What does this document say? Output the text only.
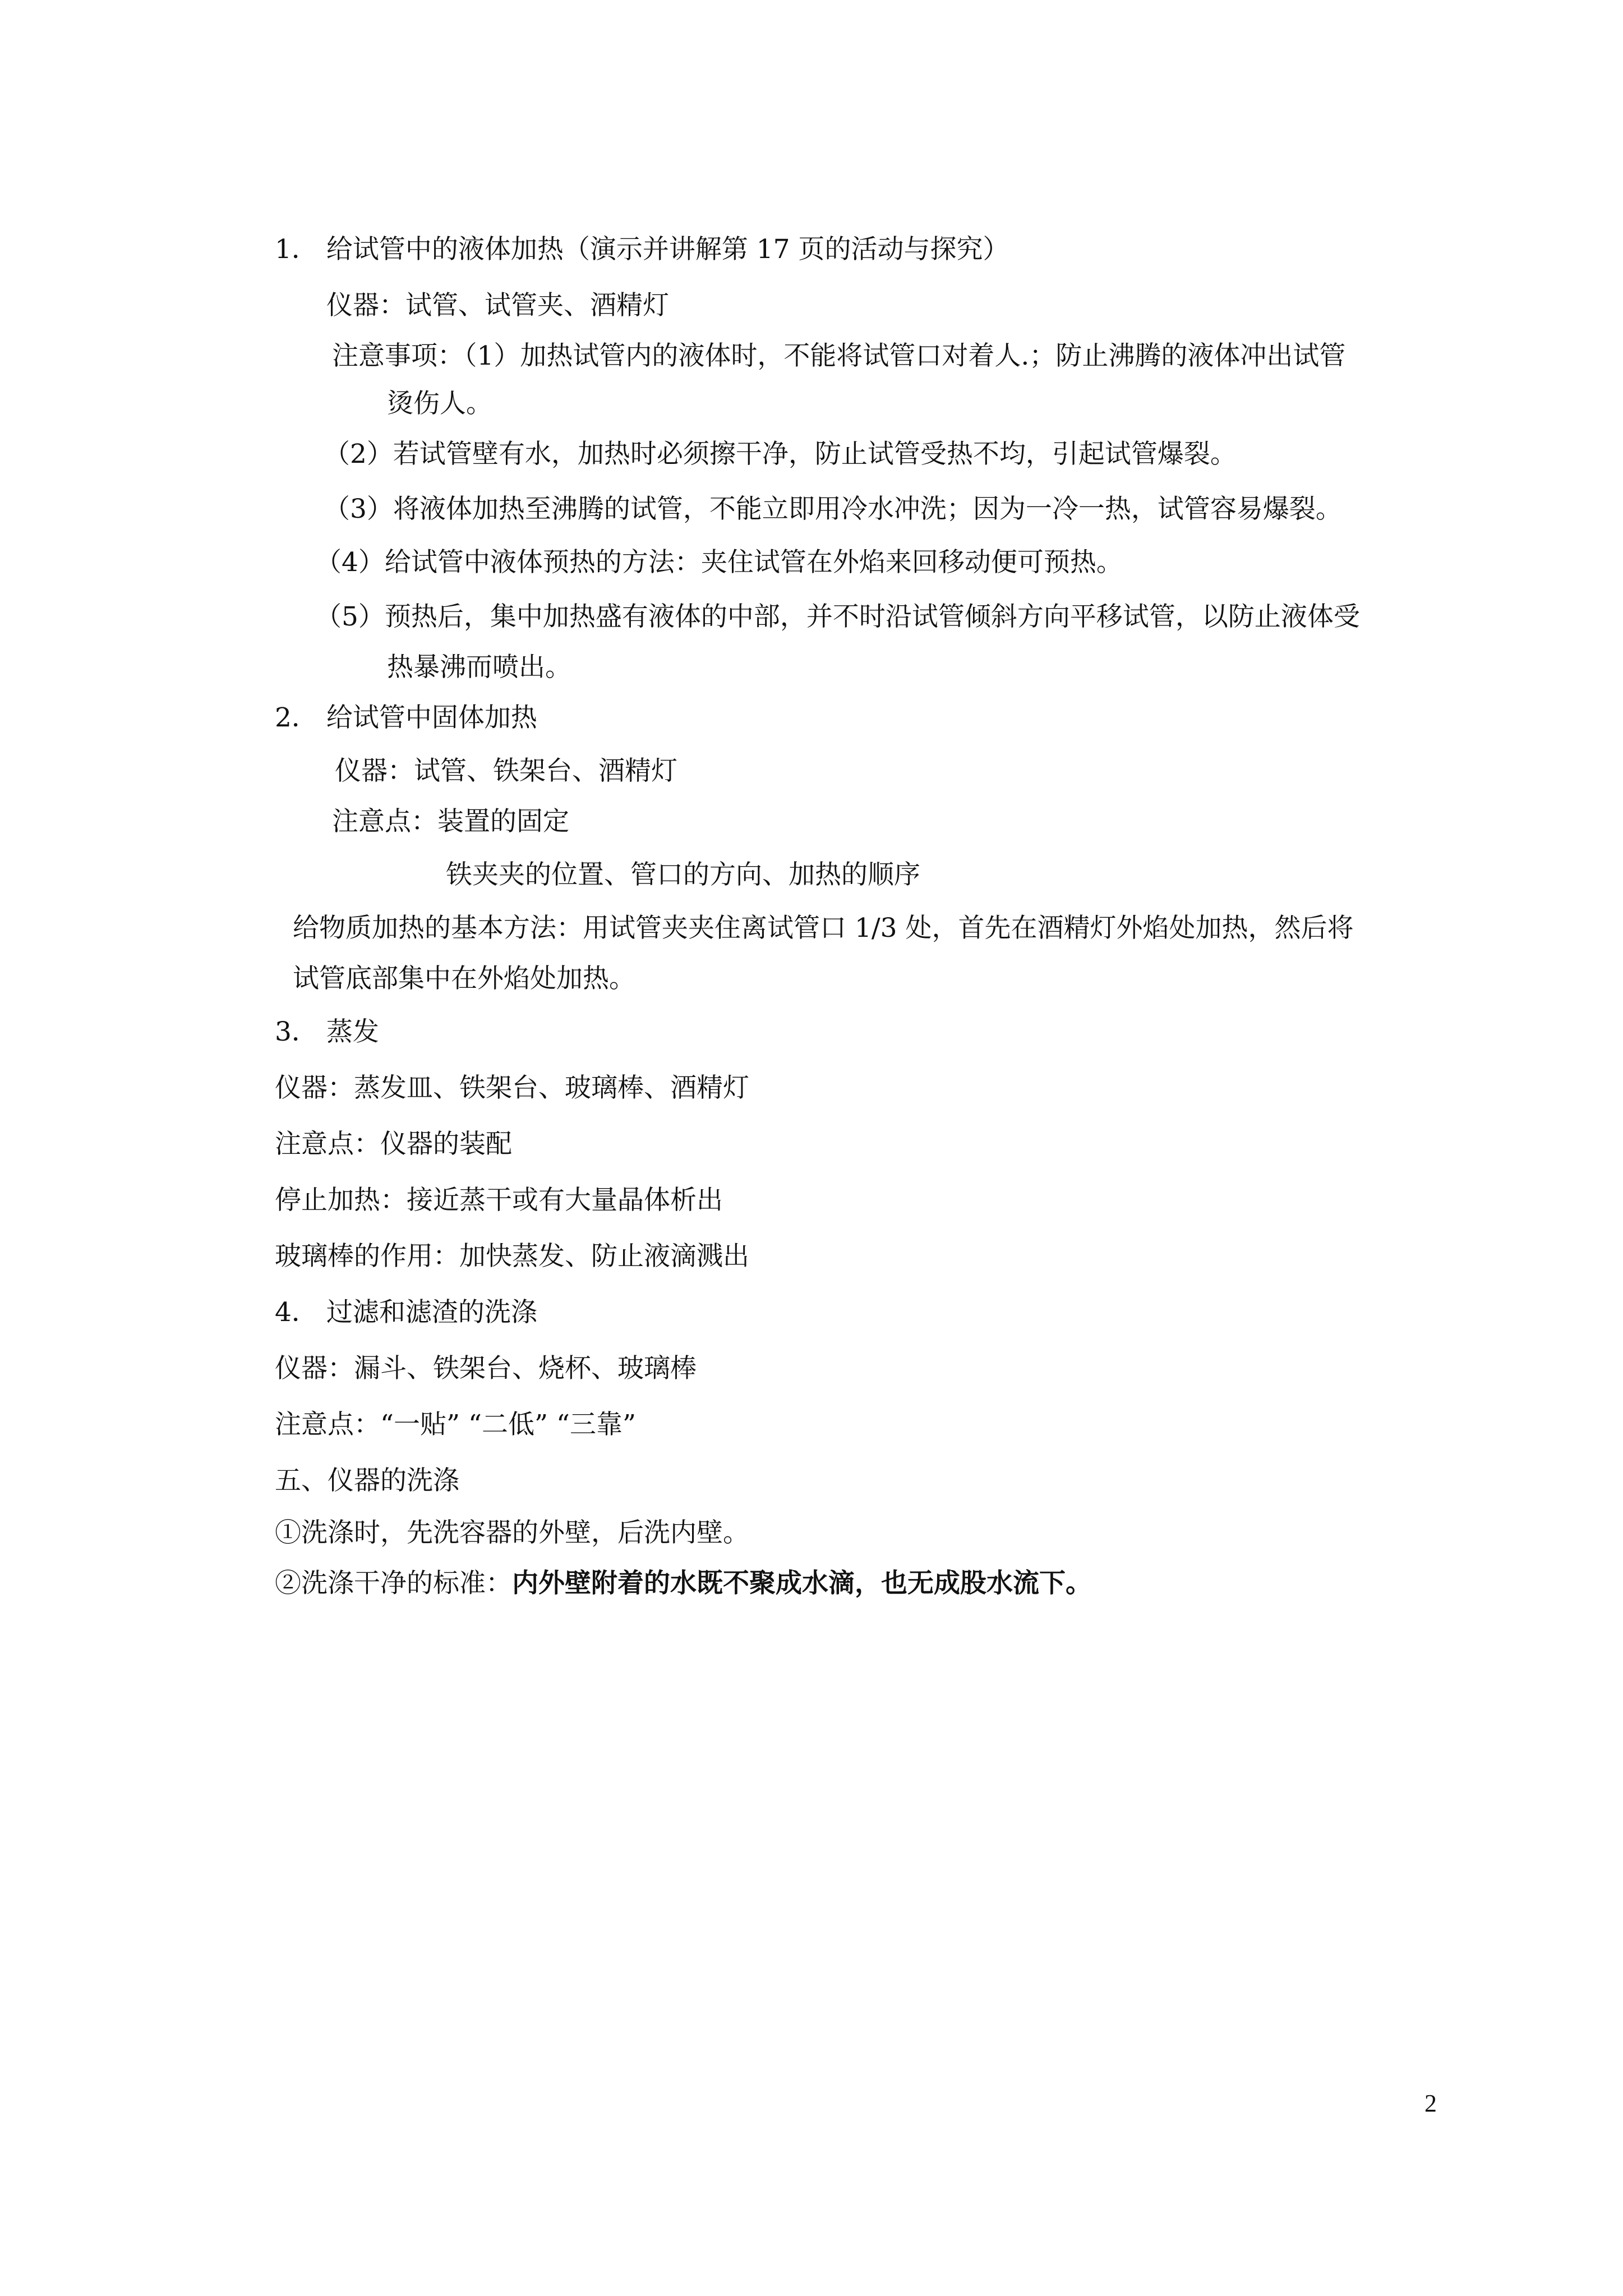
1． 给试管中的液体加热（演示并讲解第 17 页的活动与探究）

仪器：试管、试管夹、酒精灯

注意事项：（1）加热试管内的液体时，不能将试管口对着人.；防止沸腾的液体冲出试管

烫伤人。

（2）若试管壁有水，加热时必须擦干净，防止试管受热不均，引起试管爆裂。

（3）将液体加热至沸腾的试管，不能立即用冷水冲洗；因为一冷一热，试管容易爆裂。

（4）给试管中液体预热的方法：夹住试管在外焰来回移动便可预热。

（5）预热后，集中加热盛有液体的中部，并不时沿试管倾斜方向平移试管，以防止液体受

热暴沸而喷出。

2． 给试管中固体加热

仪器：试管、铁架台、酒精灯

注意点：装置的固定

铁夹夹的位置、管口的方向、加热的顺序

给物质加热的基本方法：用试管夹夹住离试管口 1/3 处，首先在酒精灯外焰处加热，然后将

试管底部集中在外焰处加热。

3． 蒸发

仪器：蒸发皿、铁架台、玻璃棒、酒精灯

注意点：仪器的装配

停止加热：接近蒸干或有大量晶体析出

玻璃棒的作用：加快蒸发、防止液滴溅出

4． 过滤和滤渣的洗涤

仪器：漏斗、铁架台、烧杯、玻璃棒

注意点：“一贴” “二低” “三靠”

五、仪器的洗涤

①洗涤时，先洗容器的外壁，后洗内壁。

②洗涤干净的标准：内外壁附着的水既不聚成水滴，也无成股水流下。

2
